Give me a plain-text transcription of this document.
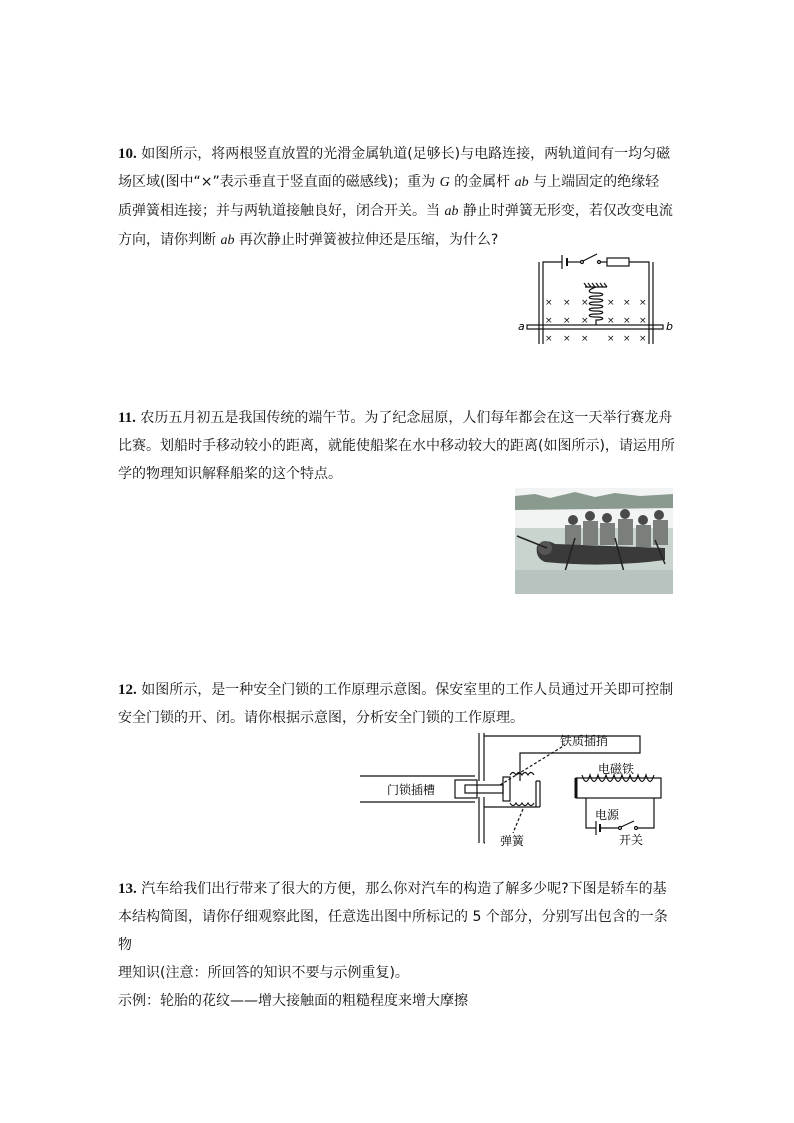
10. 如图所示，将两根竖直放置的光滑金属轨道(足够长)与电路连接，两轨道间有一均匀磁

场区域(图中“×”表示垂直于竖直面的磁感线)；重为 G 的金属杆 ab 与上端固定的绝缘轻

质弹簧相连接；并与两轨道接触良好，闭合开关。当 ab 静止时弹簧无形变，若仅改变电流

方向，请你判断 ab 再次静止时弹簧被拉伸还是压缩，为什么?

× × × × × ×
× × × × × ×
× × × × × ×
a	b

11. 农历五月初五是我国传统的端午节。为了纪念屈原，人们每年都会在这一天举行赛龙舟

比赛。划船时手移动较小的距离，就能使船桨在水中移动较大的距离(如图所示)，请运用所

学的物理知识解释船桨的这个特点。

12. 如图所示，是一种安全门锁的工作原理示意图。保安室里的工作人员通过开关即可控制

安全门锁的开、闭。请你根据示意图，分析安全门锁的工作原理。

铁质插捎
电磁铁
门锁插槽
电源
弹簧	开关

13. 汽车给我们出行带来了很大的方便，那么你对汽车的构造了解多少呢?下图是轿车的基

本结构简图，请你仔细观察此图，任意选出图中所标记的 5 个部分，分别写出包含的一条物

理知识(注意：所回答的知识不要与示例重复)。

示例：轮胎的花纹——增大接触面的粗糙程度来增大摩擦
